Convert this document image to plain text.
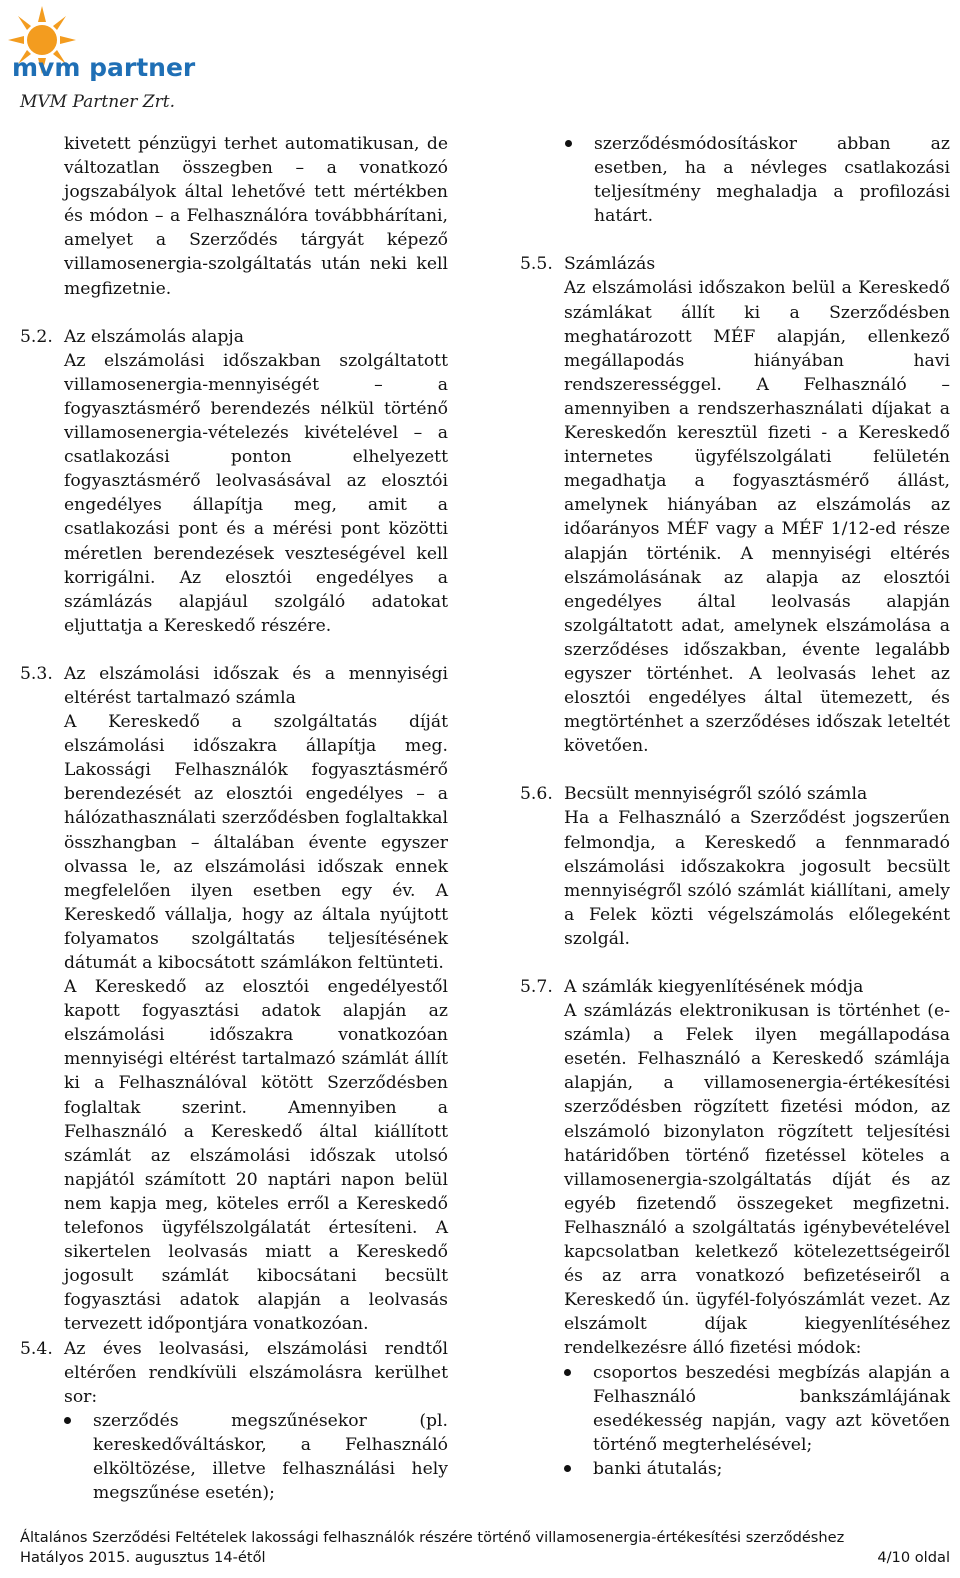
mvm partner
MVM Partner Zrt.

kivetett pénzügyi terhet automatikusan, de változatlan összegben – a vonatkozó jogszabályok által lehetővé tett mértékben és módon – a Felhasználóra továbbhárítani, amelyet a Szerződés tárgyát képező villamosenergia-szolgáltatás után neki kell megfizetnie.

5.2. Az elszámolás alapja

Az elszámolási időszakban szolgáltatott villamosenergia-mennyiségét – a fogyasztásmérő berendezés nélkül történő villamosenergia-vételezés kivételével – a csatlakozási ponton elhelyezett fogyasztásmérő leolvasásával az elosztói engedélyes állapítja meg, amit a csatlakozási pont és a mérési pont közötti méretlen berendezések veszteségével kell korrigálni. Az elosztói engedélyes a számlázás alapjául szolgáló adatokat eljuttatja a Kereskedő részére.

5.3. Az elszámolási időszak és a mennyiségi eltérést tartalmazó számla

A Kereskedő a szolgáltatás díját elszámolási időszakra állapítja meg. Lakossági Felhasználók fogyasztásmérő berendezését az elosztói engedélyes – a hálózathasználati szerződésben foglaltakkal összhangban – általában évente egyszer olvassa le, az elszámolási időszak ennek megfelelően ilyen esetben egy év. A Kereskedő vállalja, hogy az általa nyújtott folyamatos szolgáltatás teljesítésének dátumát a kibocsátott számlákon feltünteti.

A Kereskedő az elosztói engedélyestől kapott fogyasztási adatok alapján az elszámolási időszakra vonatkozóan mennyiségi eltérést tartalmazó számlát állít ki a Felhasználóval kötött Szerződésben foglaltak szerint. Amennyiben a Felhasználó a Kereskedő által kiállított számlát az elszámolási időszak utolsó napjától számított 20 naptári napon belül nem kapja meg, köteles erről a Kereskedő telefonos ügyfélszolgálatát értesíteni. A sikertelen leolvasás miatt a Kereskedő jogosult számlát kibocsátani becsült fogyasztási adatok alapján a leolvasás tervezett időpontjára vonatkozóan.

5.4. Az éves leolvasási, elszámolási rendtől eltérően rendkívüli elszámolásra kerülhet sor:
szerződés megszűnésekor (pl. kereskedőváltáskor, a Felhasználó elköltözése, illetve felhasználási hely megszűnése esetén);
szerződésmódosításkor abban az esetben, ha a névleges csatlakozási teljesítmény meghaladja a profilozási határt.
5.5. Számlázás

Az elszámolási időszakon belül a Kereskedő számlákat állít ki a Szerződésben meghatározott MÉF alapján, ellenkező megállapodás hiányában havi rendszerességgel. A Felhasználó – amennyiben a rendszerhasználati díjakat a Kereskedőn keresztül fizeti - a Kereskedő internetes ügyfélszolgálati felületén megadhatja a fogyasztásmérő állást, amelynek hiányában az elszámolás az időarányos MÉF vagy a MÉF 1/12-ed része alapján történik. A mennyiségi eltérés elszámolásának az alapja az elosztói engedélyes által leolvasás alapján szolgáltatott adat, amelynek elszámolása a szerződéses időszakban, évente legalább egyszer történhet. A leolvasás lehet az elosztói engedélyes által ütemezett, és megtörténhet a szerződéses időszak leteltét követően.

5.6. Becsült mennyiségről szóló számla

Ha a Felhasználó a Szerződést jogszerűen felmondja, a Kereskedő a fennmaradó elszámolási időszakokra jogosult becsült mennyiségről szóló számlát kiállítani, amely a Felek közti végelszámolás előlegeként szolgál.

5.7. A számlák kiegyenlítésének módja

A számlázás elektronikusan is történhet (e-számla) a Felek ilyen megállapodása esetén. Felhasználó a Kereskedő számlája alapján, a villamosenergia-értékesítési szerződésben rögzített fizetési módon, az elszámoló bizonylaton rögzített teljesítési határidőben történő fizetéssel köteles a villamosenergia-szolgáltatás díját és az egyéb fizetendő összegeket megfizetni. Felhasználó a szolgáltatás igénybevételével kapcsolatban keletkező kötelezettségeiről és az arra vonatkozó befizetéseiről a Kereskedő ún. ügyfél-folyószámlát vezet. Az elszámolt díjak kiegyenlítéséhez rendelkezésre álló fizetési módok:

csoportos beszedési megbízás alapján a Felhasználó bankszámlájának esedékesség napján, vagy azt követően történő megterhelésével;
banki átutalás;
Általános Szerződési Feltételek lakossági felhasználók részére történő villamosenergia-értékesítési szerződéshez
Hatályos 2015. augusztus 14-étől	4/10 oldal
